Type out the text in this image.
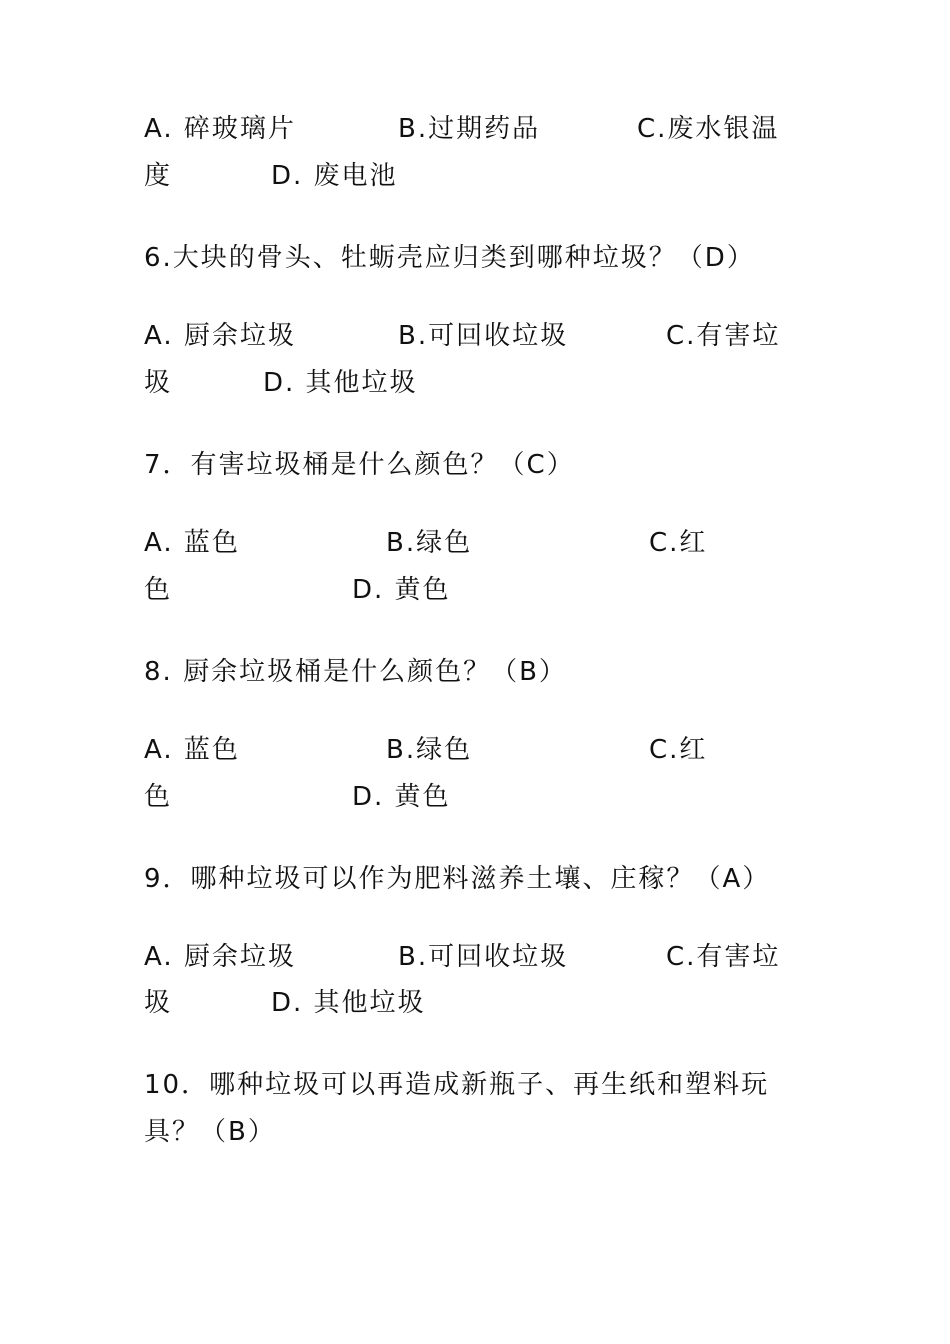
A. 碎玻璃片	B.过期药品	C.废水银温
度	D. 废电池
6.大块的骨头、牡蛎壳应归类到哪种垃圾？（D）
A. 厨余垃圾	B.可回收垃圾	C.有害垃
圾	D. 其他垃圾
7．有害垃圾桶是什么颜色？（C）
A. 蓝色	B.绿色	C.红
色	D. 黄色
8. 厨余垃圾桶是什么颜色？（B）
A. 蓝色	B.绿色	C.红
色	D. 黄色
9．哪种垃圾可以作为肥料滋养土壤、庄稼？（A）
A. 厨余垃圾	B.可回收垃圾	C.有害垃
圾	D. 其他垃圾
10．哪种垃圾可以再造成新瓶子、再生纸和塑料玩
具？（B）
